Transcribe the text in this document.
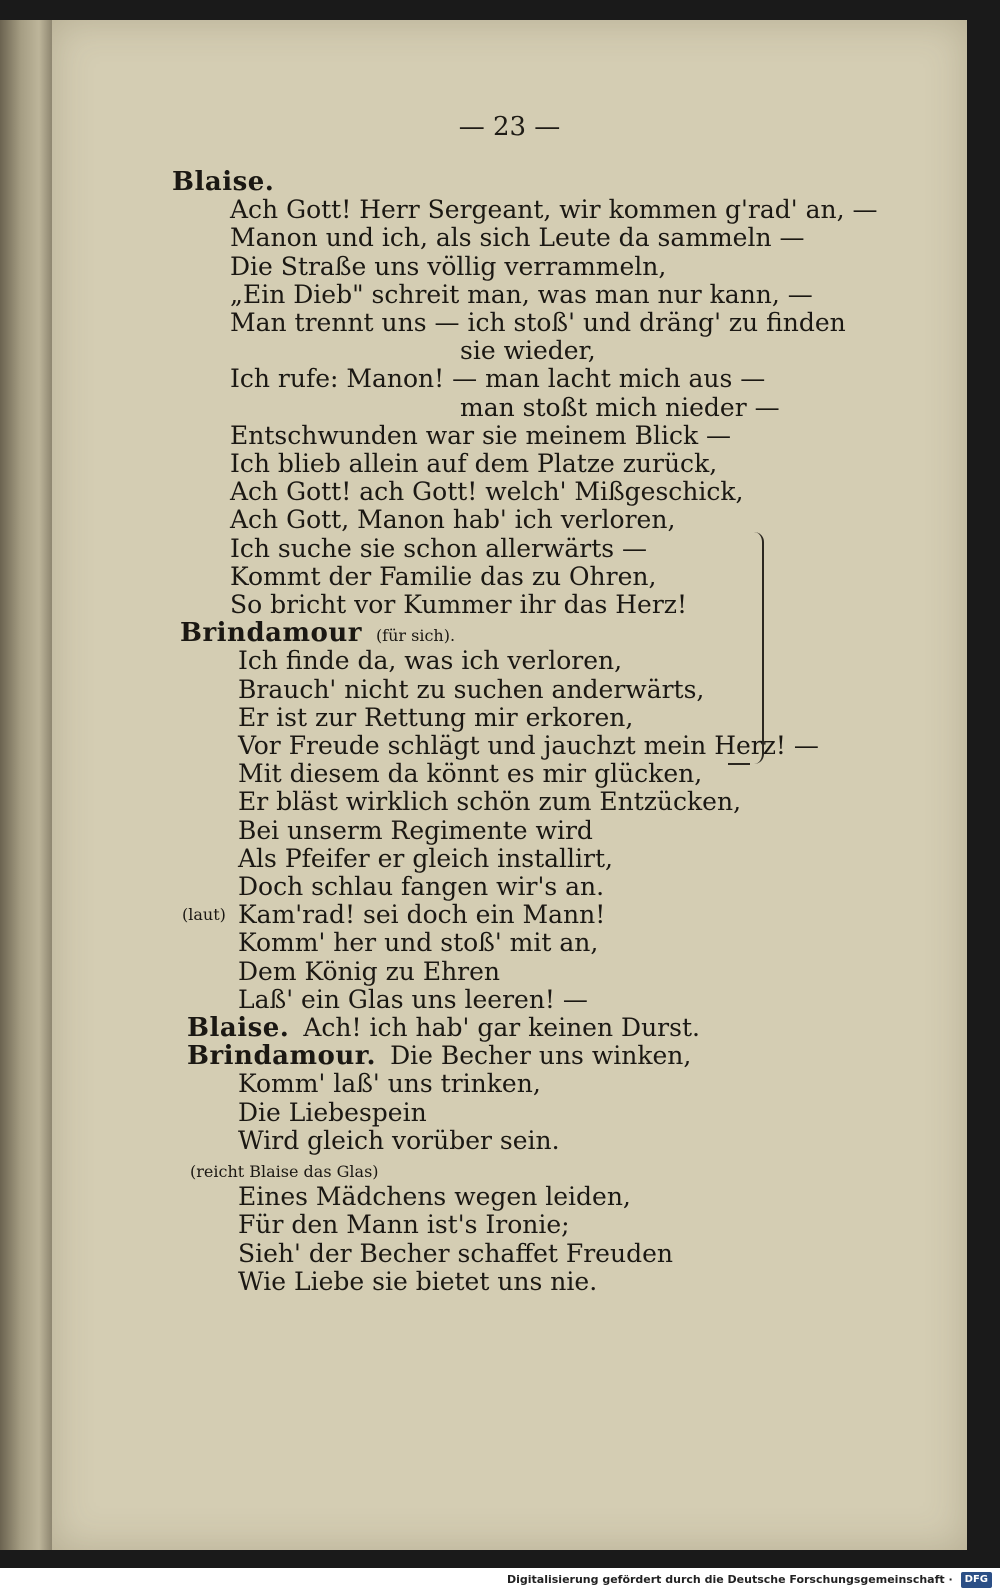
— 23 —
Blaise.
Ach Gott! Herr Sergeant, wir kommen g'rad' an, —
Manon und ich, als sich Leute da sammeln —
Die Straße uns völlig verrammeln,
„Ein Dieb" schreit man, was man nur kann, —
Man trennt uns — ich stoß' und dräng' zu finden
sie wieder,
Ich rufe: Manon! — man lacht mich aus —
man stoßt mich nieder —
Entschwunden war sie meinem Blick —
Ich blieb allein auf dem Platze zurück,
Ach Gott! ach Gott! welch' Mißgeschick,
Ach Gott, Manon hab' ich verloren,
Ich suche sie schon allerwärts —
Kommt der Familie das zu Ohren,
So bricht vor Kummer ihr das Herz!
Brindamour (für sich).
Ich finde da, was ich verloren,
Brauch' nicht zu suchen anderwärts,
Er ist zur Rettung mir erkoren,
Vor Freude schlägt und jauchzt mein Herz! —
Mit diesem da könnt es mir glücken,
Er bläst wirklich schön zum Entzücken,
Bei unserm Regimente wird
Als Pfeifer er gleich installirt,
Doch schlau fangen wir's an.
(laut) Kam'rad! sei doch ein Mann!
Komm' her und stoß' mit an,
Dem König zu Ehren
Laß' ein Glas uns leeren! —
Blaise. Ach! ich hab' gar keinen Durst.
Brindamour. Die Becher uns winken,
Komm' laß' uns trinken,
Die Liebespein
Wird gleich vorüber sein.
(reicht Blaise das Glas)
Eines Mädchens wegen leiden,
Für den Mann ist's Ironie;
Sieh' der Becher schaffet Freuden
Wie Liebe sie bietet uns nie.
Digitalisierung gefördert durch die Deutsche Forschungsgemeinschaft · DFG
